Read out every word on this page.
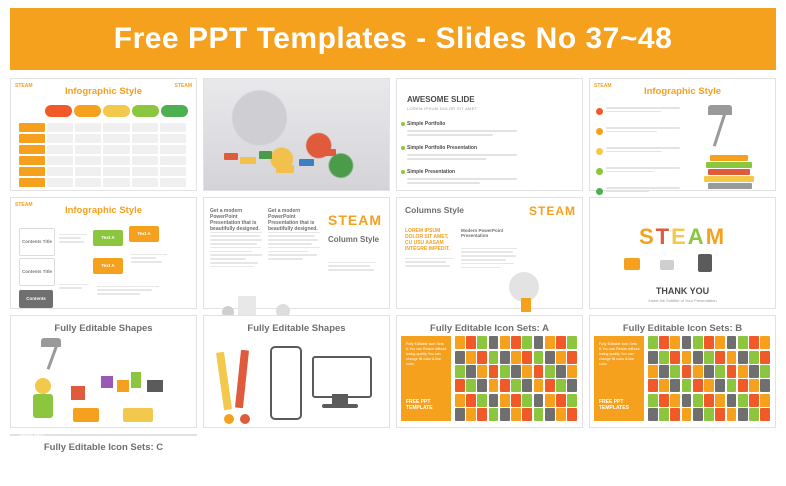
Free PPT Templates - Slides No 37~48
STEAM	STEAM
Infographic Style
AWESOME SLIDE
LOREM IPSUM DOLOR SIT AMET
Simple Portfolio
Simple Portfolio Presentation
Simple Presentation
STEAM	Infographic Style
STEAM	Infographic Style
Contents Title
Contents Title
Contents
Text A
Text A
Text A
Get a modern PowerPoint Presentation that is beautifully designed.
Get a modern PowerPoint Presentation that is beautifully designed.
STEAM
Column Style
Columns Style	STEAM
LOREM IPSUM DOLOR SIT AMET, CU USU AASAM INTEGRE IMPEDIT.
Modern PowerPoint Presentation	STEAM
THANK YOU
Insert the Subtitle of Your Presentation
Fully Editable Shapes	Fully Editable Shapes	Fully Editable Icon Sets: A
Fully Editable Icon Sets: A You can Resize without losing quality You can change fill color & line color
FREE PPT TEMPLATE
Fully Editable Icon Sets: B
Fully Editable Icon Sets: B You can Resize without losing quality You can change fill color & line color
FREE PPT TEMPLATES
Fully Editable Icon Sets: C
Fully Editable Icon Sets: C You can Resize without losing quality You can change fill color & line color
FREE PPT TEMPLATES
